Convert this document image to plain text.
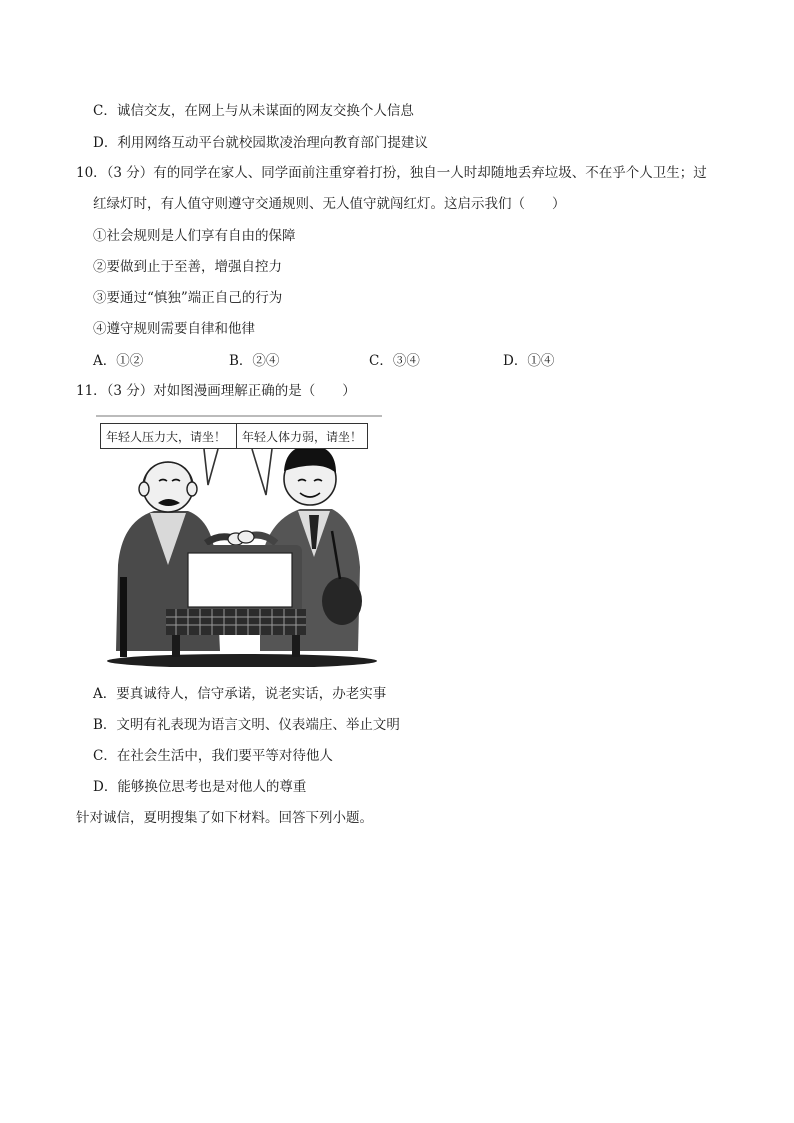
C．诚信交友，在网上与从未谋面的网友交换个人信息
D．利用网络互动平台就校园欺凌治理向教育部门提建议
10．（3 分）有的同学在家人、同学面前注重穿着打扮，独自一人时却随地丢弃垃圾、不在乎个人卫生；过
红绿灯时，有人值守则遵守交通规则、无人值守就闯红灯。这启示我们（　　）
①社会规则是人们享有自由的保障
②要做到止于至善，增强自控力
③要通过“慎独”端正自己的行为
④遵守规则需要自律和他律
A．①②	B．②④	C．③④	D．①④
11．（3 分）对如图漫画理解正确的是（　　）
年轻人压力大，请坐！	年轻人体力弱，请坐！
A．要真诚待人，信守承诺，说老实话，办老实事
B．文明有礼表现为语言文明、仪表端庄、举止文明
C．在社会生活中，我们要平等对待他人
D．能够换位思考也是对他人的尊重
针对诚信，夏明搜集了如下材料。回答下列小题。
